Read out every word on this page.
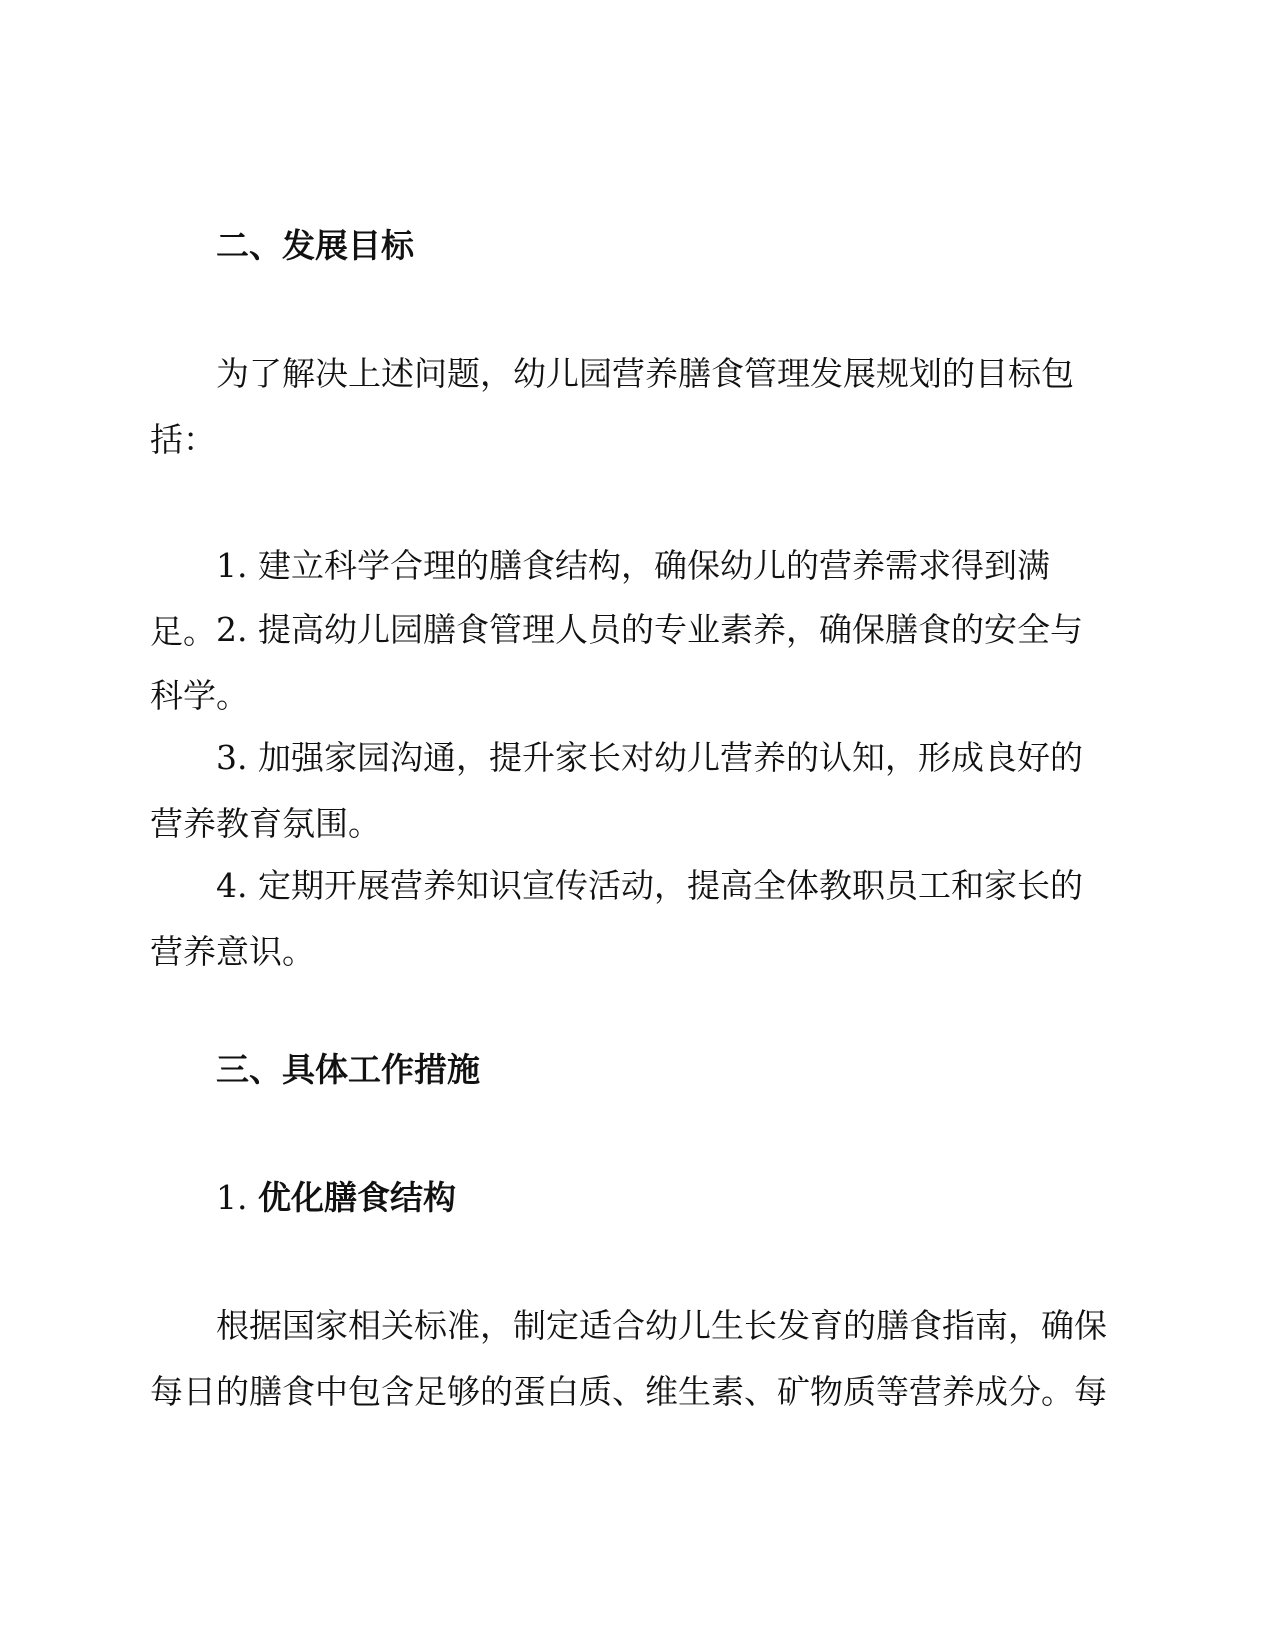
二、发展目标
为了解决上述问题，幼儿园营养膳食管理发展规划的目标包括：
1. 建立科学合理的膳食结构，确保幼儿的营养需求得到满足。 2. 提高幼儿园膳食管理人员的专业素养，确保膳食的安全与科学。
3. 加强家园沟通，提升家长对幼儿营养的认知，形成良好的营养教育氛围。
4. 定期开展营养知识宣传活动，提高全体教职员工和家长的营养意识。
三、具体工作措施
1. 优化膳食结构
根据国家相关标准，制定适合幼儿生长发育的膳食指南，确保每日的膳食中包含足够的蛋白质、维生素、矿物质等营养成分。每
